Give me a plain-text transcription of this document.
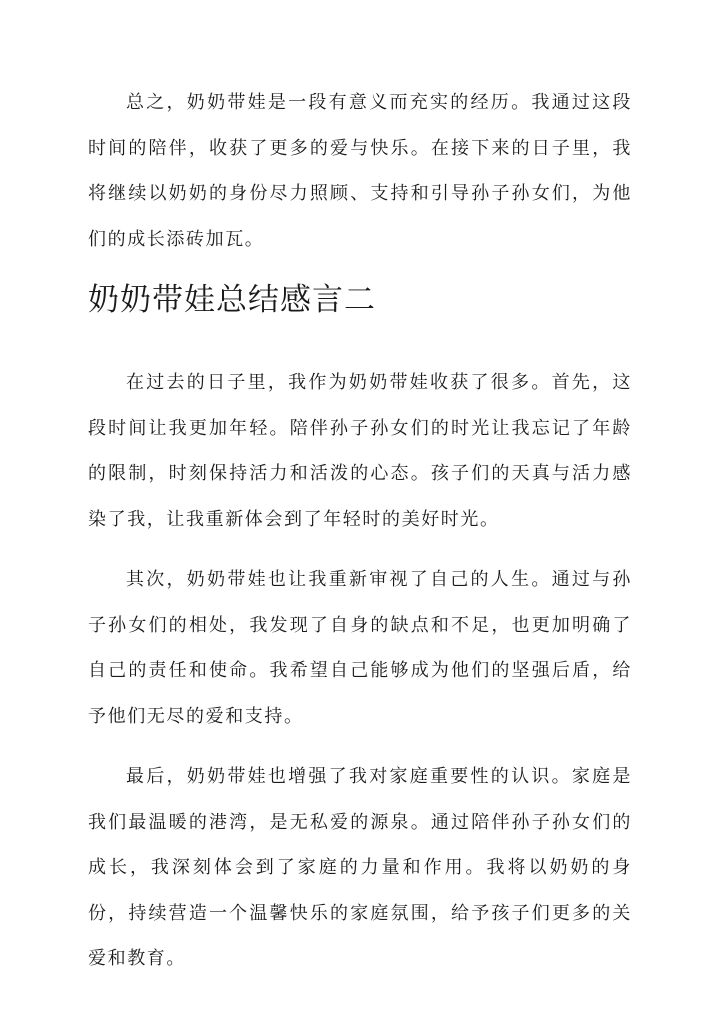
总之，奶奶带娃是一段有意义而充实的经历。我通过这段时间的陪伴，收获了更多的爱与快乐。在接下来的日子里，我将继续以奶奶的身份尽力照顾、支持和引导孙子孙女们，为他们的成长添砖加瓦。

奶奶带娃总结感言二

在过去的日子里，我作为奶奶带娃收获了很多。首先，这段时间让我更加年轻。陪伴孙子孙女们的时光让我忘记了年龄的限制，时刻保持活力和活泼的心态。孩子们的天真与活力感染了我，让我重新体会到了年轻时的美好时光。

其次，奶奶带娃也让我重新审视了自己的人生。通过与孙子孙女们的相处，我发现了自身的缺点和不足，也更加明确了自己的责任和使命。我希望自己能够成为他们的坚强后盾，给予他们无尽的爱和支持。

最后，奶奶带娃也增强了我对家庭重要性的认识。家庭是我们最温暖的港湾，是无私爱的源泉。通过陪伴孙子孙女们的成长，我深刻体会到了家庭的力量和作用。我将以奶奶的身份，持续营造一个温馨快乐的家庭氛围，给予孩子们更多的关爱和教育。
